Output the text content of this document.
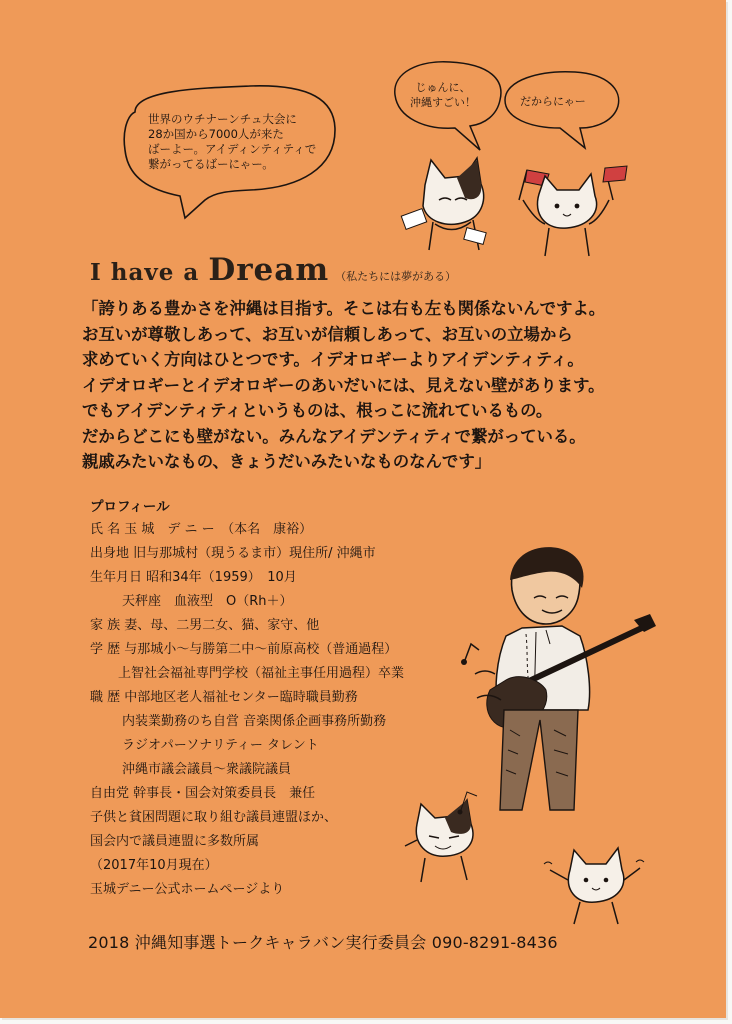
世界のウチナーンチュ大会に
28か国から7000人が来た
ばーよー。アイディンティティで
繋がってるばーにゃー。
じゅんに、
沖縄すごい！	だからにゃー
I have a Dream （私たちには夢がある）
「誇りある豊かさを沖縄は目指す。そこは右も左も関係ないんですよ。
お互いが尊敬しあって、お互いが信頼しあって、お互いの立場から
求めていく方向はひとつです。イデオロギーよりアイデンティティ。
イデオロギーとイデオロギーのあいだいには、見えない壁があります。
でもアイデンティティというものは、根っこに流れているもの。
だからどこにも壁がない。みんなアイデンティティで繋がっている。
親戚みたいなもの、きょうだいみたいなものなんです」
プロフィール
氏 名 玉 城　デ ニ ー　（本名　康裕）
出身地 旧与那城村（現うるま市）現住所/ 沖縄市
生年月日 昭和34年（1959）　10月
天秤座　血液型　O（Rh＋）
家 族 妻、母、二男二女、猫、家守、他
学 歴 与那城小〜与勝第二中〜前原高校（普通過程）
上智社会福祉専門学校（福祉主事任用過程）卒業
職 歴 中部地区老人福祉センター臨時職員勤務
内装業勤務のち自営 音楽関係企画事務所勤務
ラジオパーソナリティー タレント
沖縄市議会議員〜衆議院議員
自由党 幹事長・国会対策委員長　兼任
子供と貧困問題に取り組む議員連盟ほか、
国会内で議員連盟に多数所属
（2017年10月現在）
玉城デニー公式ホームページより
2018 沖縄知事選トークキャラバン実行委員会 090-8291-8436
